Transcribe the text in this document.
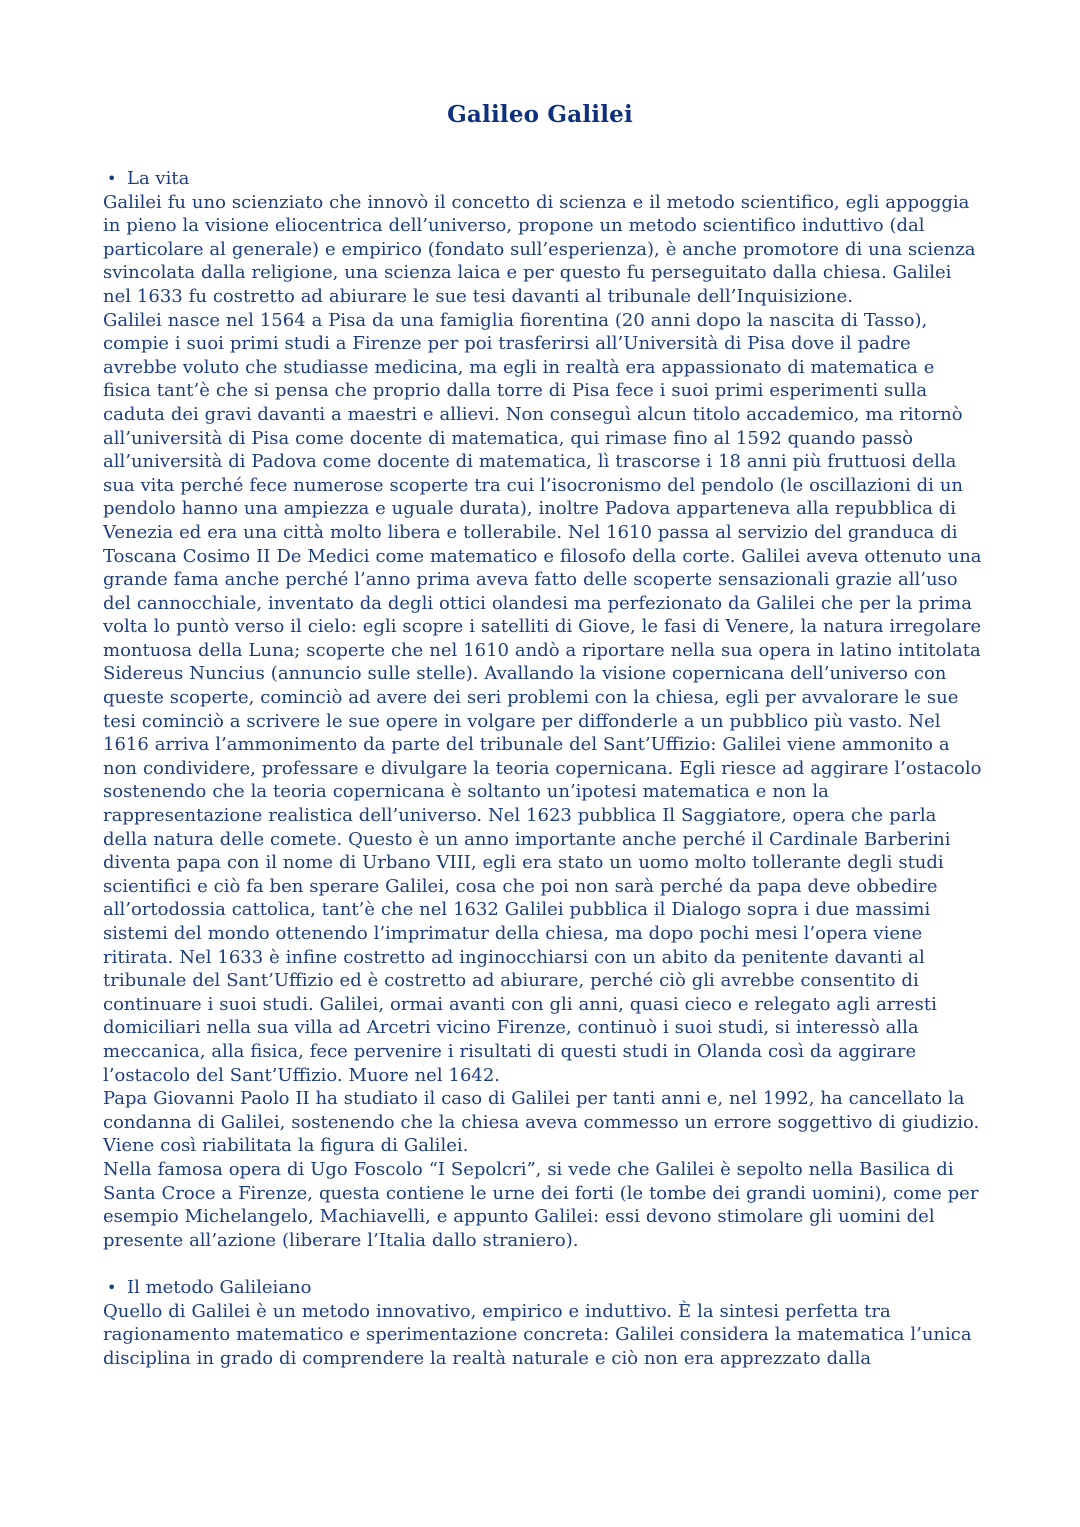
Galileo Galilei
• La vita

Galilei fu uno scienziato che innovò il concetto di scienza e il metodo scientifico, egli appoggia in pieno la visione eliocentrica dell’universo, propone un metodo scientifico induttivo (dal particolare al generale) e empirico (fondato sull’esperienza), è anche promotore di una scienza svincolata dalla religione, una scienza laica e per questo fu perseguitato dalla chiesa. Galilei nel 1633 fu costretto ad abiurare le sue tesi davanti al tribunale dell’Inquisizione.

Galilei nasce nel 1564 a Pisa da una famiglia fiorentina (20 anni dopo la nascita di Tasso), compie i suoi primi studi a Firenze per poi trasferirsi all’Università di Pisa dove il padre avrebbe voluto che studiasse medicina, ma egli in realtà era appassionato di matematica e fisica tant’è che si pensa che proprio dalla torre di Pisa fece i suoi primi esperimenti sulla caduta dei gravi davanti a maestri e allievi. Non conseguì alcun titolo accademico, ma ritornò all’università di Pisa come docente di matematica, qui rimase fino al 1592 quando passò all’università di Padova come docente di matematica, lì trascorse i 18 anni più fruttuosi della sua vita perché fece numerose scoperte tra cui l’isocronismo del pendolo (le oscillazioni di un pendolo hanno una ampiezza e uguale durata), inoltre Padova apparteneva alla repubblica di Venezia ed era una città molto libera e tollerabile. Nel 1610 passa al servizio del granduca di Toscana Cosimo II De Medici come matematico e filosofo della corte. Galilei aveva ottenuto una grande fama anche perché l’anno prima aveva fatto delle scoperte sensazionali grazie all’uso del cannocchiale, inventato da degli ottici olandesi ma perfezionato da Galilei che per la prima volta lo puntò verso il cielo: egli scopre i satelliti di Giove, le fasi di Venere, la natura irregolare montuosa della Luna; scoperte che nel 1610 andò a riportare nella sua opera in latino intitolata Sidereus Nuncius (annuncio sulle stelle). Avallando la visione copernicana dell’universo con queste scoperte, cominciò ad avere dei seri problemi con la chiesa, egli per avvalorare le sue tesi cominciò a scrivere le sue opere in volgare per diffonderle a un pubblico più vasto. Nel 1616 arriva l’ammonimento da parte del tribunale del Sant’Uffizio: Galilei viene ammonito a non condividere, professare e divulgare la teoria copernicana. Egli riesce ad aggirare l’ostacolo sostenendo che la teoria copernicana è soltanto un’ipotesi matematica e non la rappresentazione realistica dell’universo. Nel 1623 pubblica Il Saggiatore, opera che parla della natura delle comete. Questo è un anno importante anche perché il Cardinale Barberini diventa papa con il nome di Urbano VIII, egli era stato un uomo molto tollerante degli studi scientifici e ciò fa ben sperare Galilei, cosa che poi non sarà perché da papa deve obbedire all’ortodossia cattolica, tant’è che nel 1632 Galilei pubblica il Dialogo sopra i due massimi sistemi del mondo ottenendo l’imprimatur della chiesa, ma dopo pochi mesi l’opera viene ritirata. Nel 1633 è infine costretto ad inginocchiarsi con un abito da penitente davanti al tribunale del Sant’Uffizio ed è costretto ad abiurare, perché ciò gli avrebbe consentito di continuare i suoi studi. Galilei, ormai avanti con gli anni, quasi cieco e relegato agli arresti domiciliari nella sua villa ad Arcetri vicino Firenze, continuò i suoi studi, si interessò alla meccanica, alla fisica, fece pervenire i risultati di questi studi in Olanda così da aggirare l’ostacolo del Sant’Uffizio. Muore nel 1642.

Papa Giovanni Paolo II ha studiato il caso di Galilei per tanti anni e, nel 1992, ha cancellato la condanna di Galilei, sostenendo che la chiesa aveva commesso un errore soggettivo di giudizio. Viene così riabilitata la figura di Galilei.

Nella famosa opera di Ugo Foscolo “I Sepolcri”, si vede che Galilei è sepolto nella Basilica di Santa Croce a Firenze, questa contiene le urne dei forti (le tombe dei grandi uomini), come per esempio Michelangelo, Machiavelli, e appunto Galilei: essi devono stimolare gli uomini del presente all’azione (liberare l’Italia dallo straniero).

• Il metodo Galileiano

Quello di Galilei è un metodo innovativo, empirico e induttivo. È la sintesi perfetta tra ragionamento matematico e sperimentazione concreta: Galilei considera la matematica l’unica disciplina in grado di comprendere la realtà naturale e ciò non era apprezzato dalla
